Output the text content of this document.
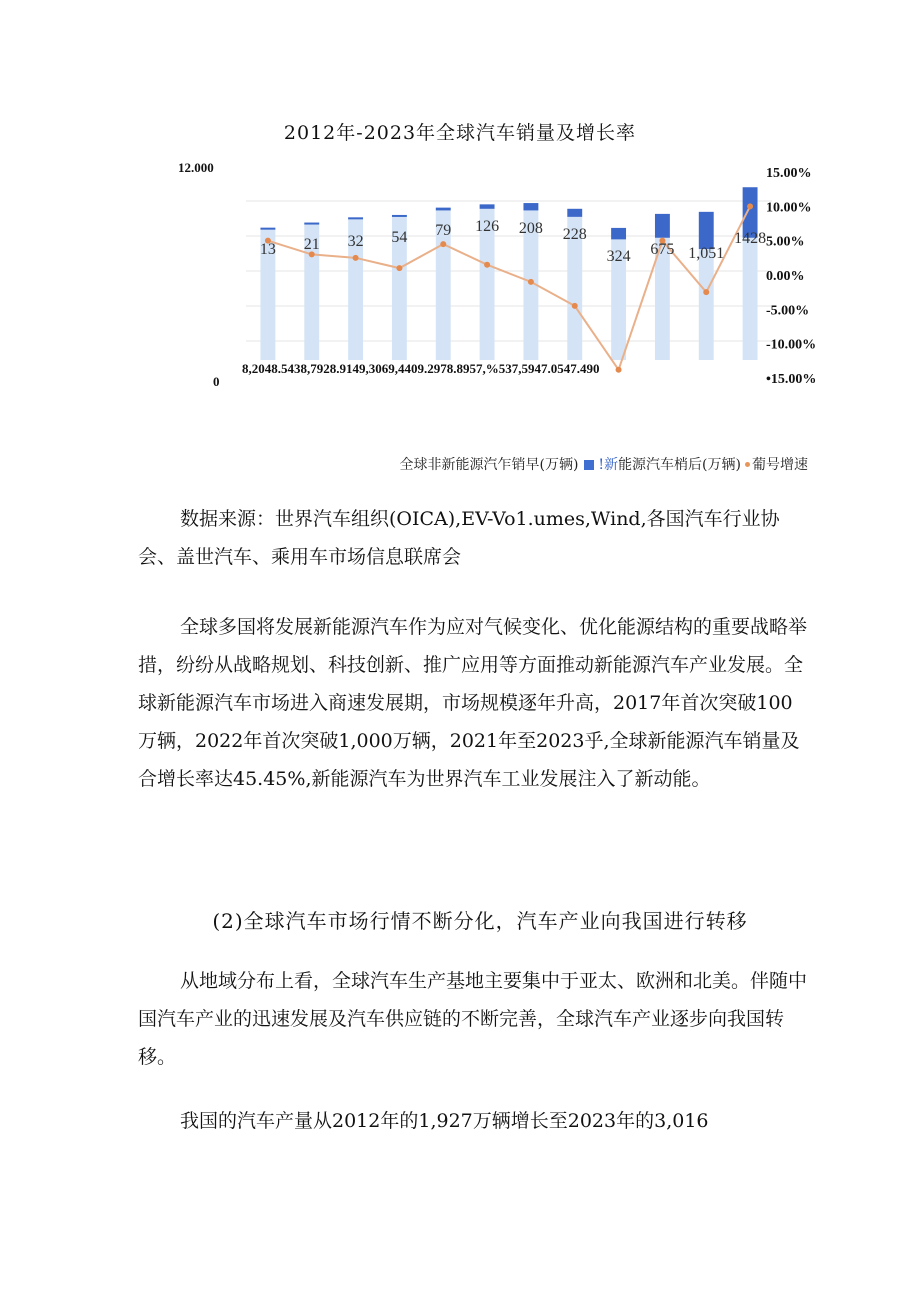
2012年-2023年全球汽车销量及增长率
13 21 32 54 79 126 208 228
324 675 1,051
1428
12.000
0
8,2048.5438,7928.9149,3069,4409.2978.8957,%537,5947.0547.490
15.00%
10.00%
5.00%
0.00%
-5.00%
-10.00%
•15.00%
全球非新能源汽乍销早(万辆) !新能源汽车梢后(万辆) 葡号增速
数据来源：世界汽车组织(OICA),EV-Vo1.umes,Wind,各国汽车行业协会、盖世汽车、乘用车市场信息联席会
全球多国将发展新能源汽车作为应对气候变化、优化能源结构的重要战略举措，纷纷从战略规划、科技创新、推广应用等方面推动新能源汽车产业发展。全球新能源汽车市场进入商速发展期，市场规模逐年升高，2017年首次突破100万辆，2022年首次突破1,000万辆，2021年至2023乎,全球新能源汽车销量及合增长率达45.45%,新能源汽车为世界汽车工业发展注入了新动能。
(2)全球汽车市场行情不断分化，汽车产业向我国进行转移
从地域分布上看，全球汽车生产基地主要集中于亚太、欧洲和北美。伴随中国汽车产业的迅速发展及汽车供应链的不断完善，全球汽车产业逐步向我国转移。
我国的汽车产量从2012年的1,927万辆增长至2023年的3,016
